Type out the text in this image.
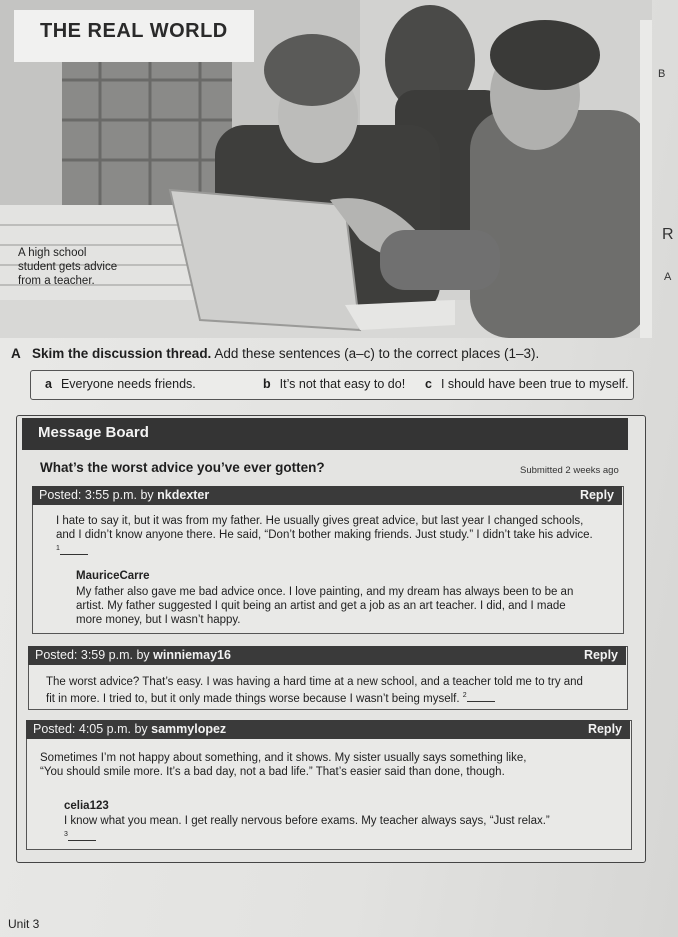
THE REAL WORLD
A high school
student gets advice
from a teacher.
B
R
A
A Skim the discussion thread. Add these sentences (a–c) to the correct places (1–3).
a Everyone needs friends.	b It’s not that easy to do! c I should have been true to myself.
Message Board
What’s the worst advice you’ve ever gotten?	Submitted 2 weeks ago
Posted: 3:55 p.m. by nkdexter	Reply
I hate to say it, but it was from my father. He usually gives great advice, but last year I changed schools,
and I didn’t know anyone there. He said, “Don’t bother making friends. Just study.” I didn’t take his advice.
$^1$
MauriceCarre
My father also gave me bad advice once. I love painting, and my dream has always been to be an
artist. My father suggested I quit being an artist and get a job as an art teacher. I did, and I made
more money, but I wasn’t happy.
Posted: 3:59 p.m. by winniemay16	Reply
The worst advice? That’s easy. I was having a hard time at a new school, and a teacher told me to try and
fit in more. I tried to, but it only made things worse because I wasn’t being myself. $^2$
Posted: 4:05 p.m. by sammylopez	Reply
Sometimes I’m not happy about something, and it shows. My sister usually says something like,
“You should smile more. It’s a bad day, not a bad life.” That’s easier said than done, though.
celia123
I know what you mean. I get really nervous before exams. My teacher always says, “Just relax.”
$^3$
Unit 3
